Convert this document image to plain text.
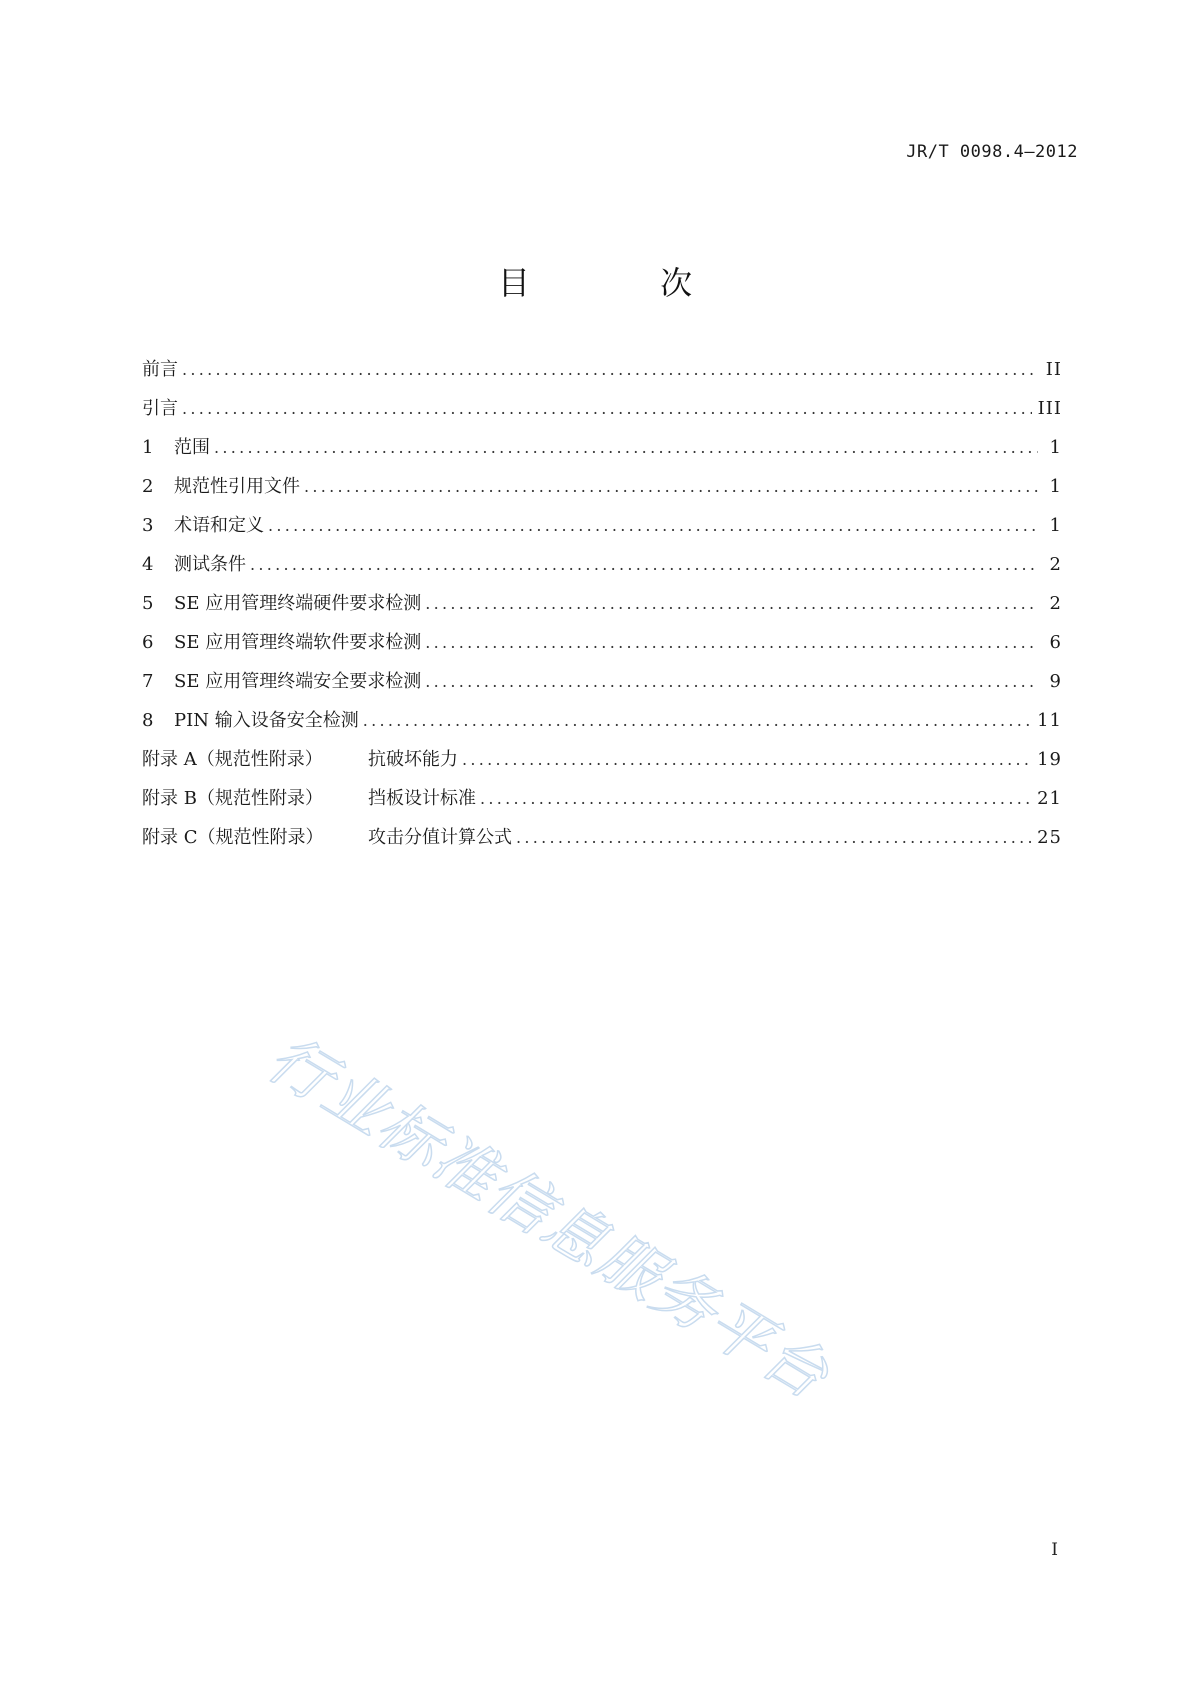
JR/T 0098.4—2012
目 次
前言 .....	II
引言 .....	III
1	范围 .....	1
2	规范性引用文件 .....	1
3	术语和定义 .....	1
4	测试条件 .....	2
5	SE 应用管理终端硬件要求检测 .....	2
6	SE 应用管理终端软件要求检测 .....	6
7	SE 应用管理终端安全要求检测 .....	9
8	PIN 输入设备安全检测 .....	11
附录 A（规范性附录）	抗破坏能力 .....	19
附录 B（规范性附录）	挡板设计标准 .....	21
附录 C（规范性附录）	攻击分值计算公式 .....	25
行业标准信息服务平台
I
